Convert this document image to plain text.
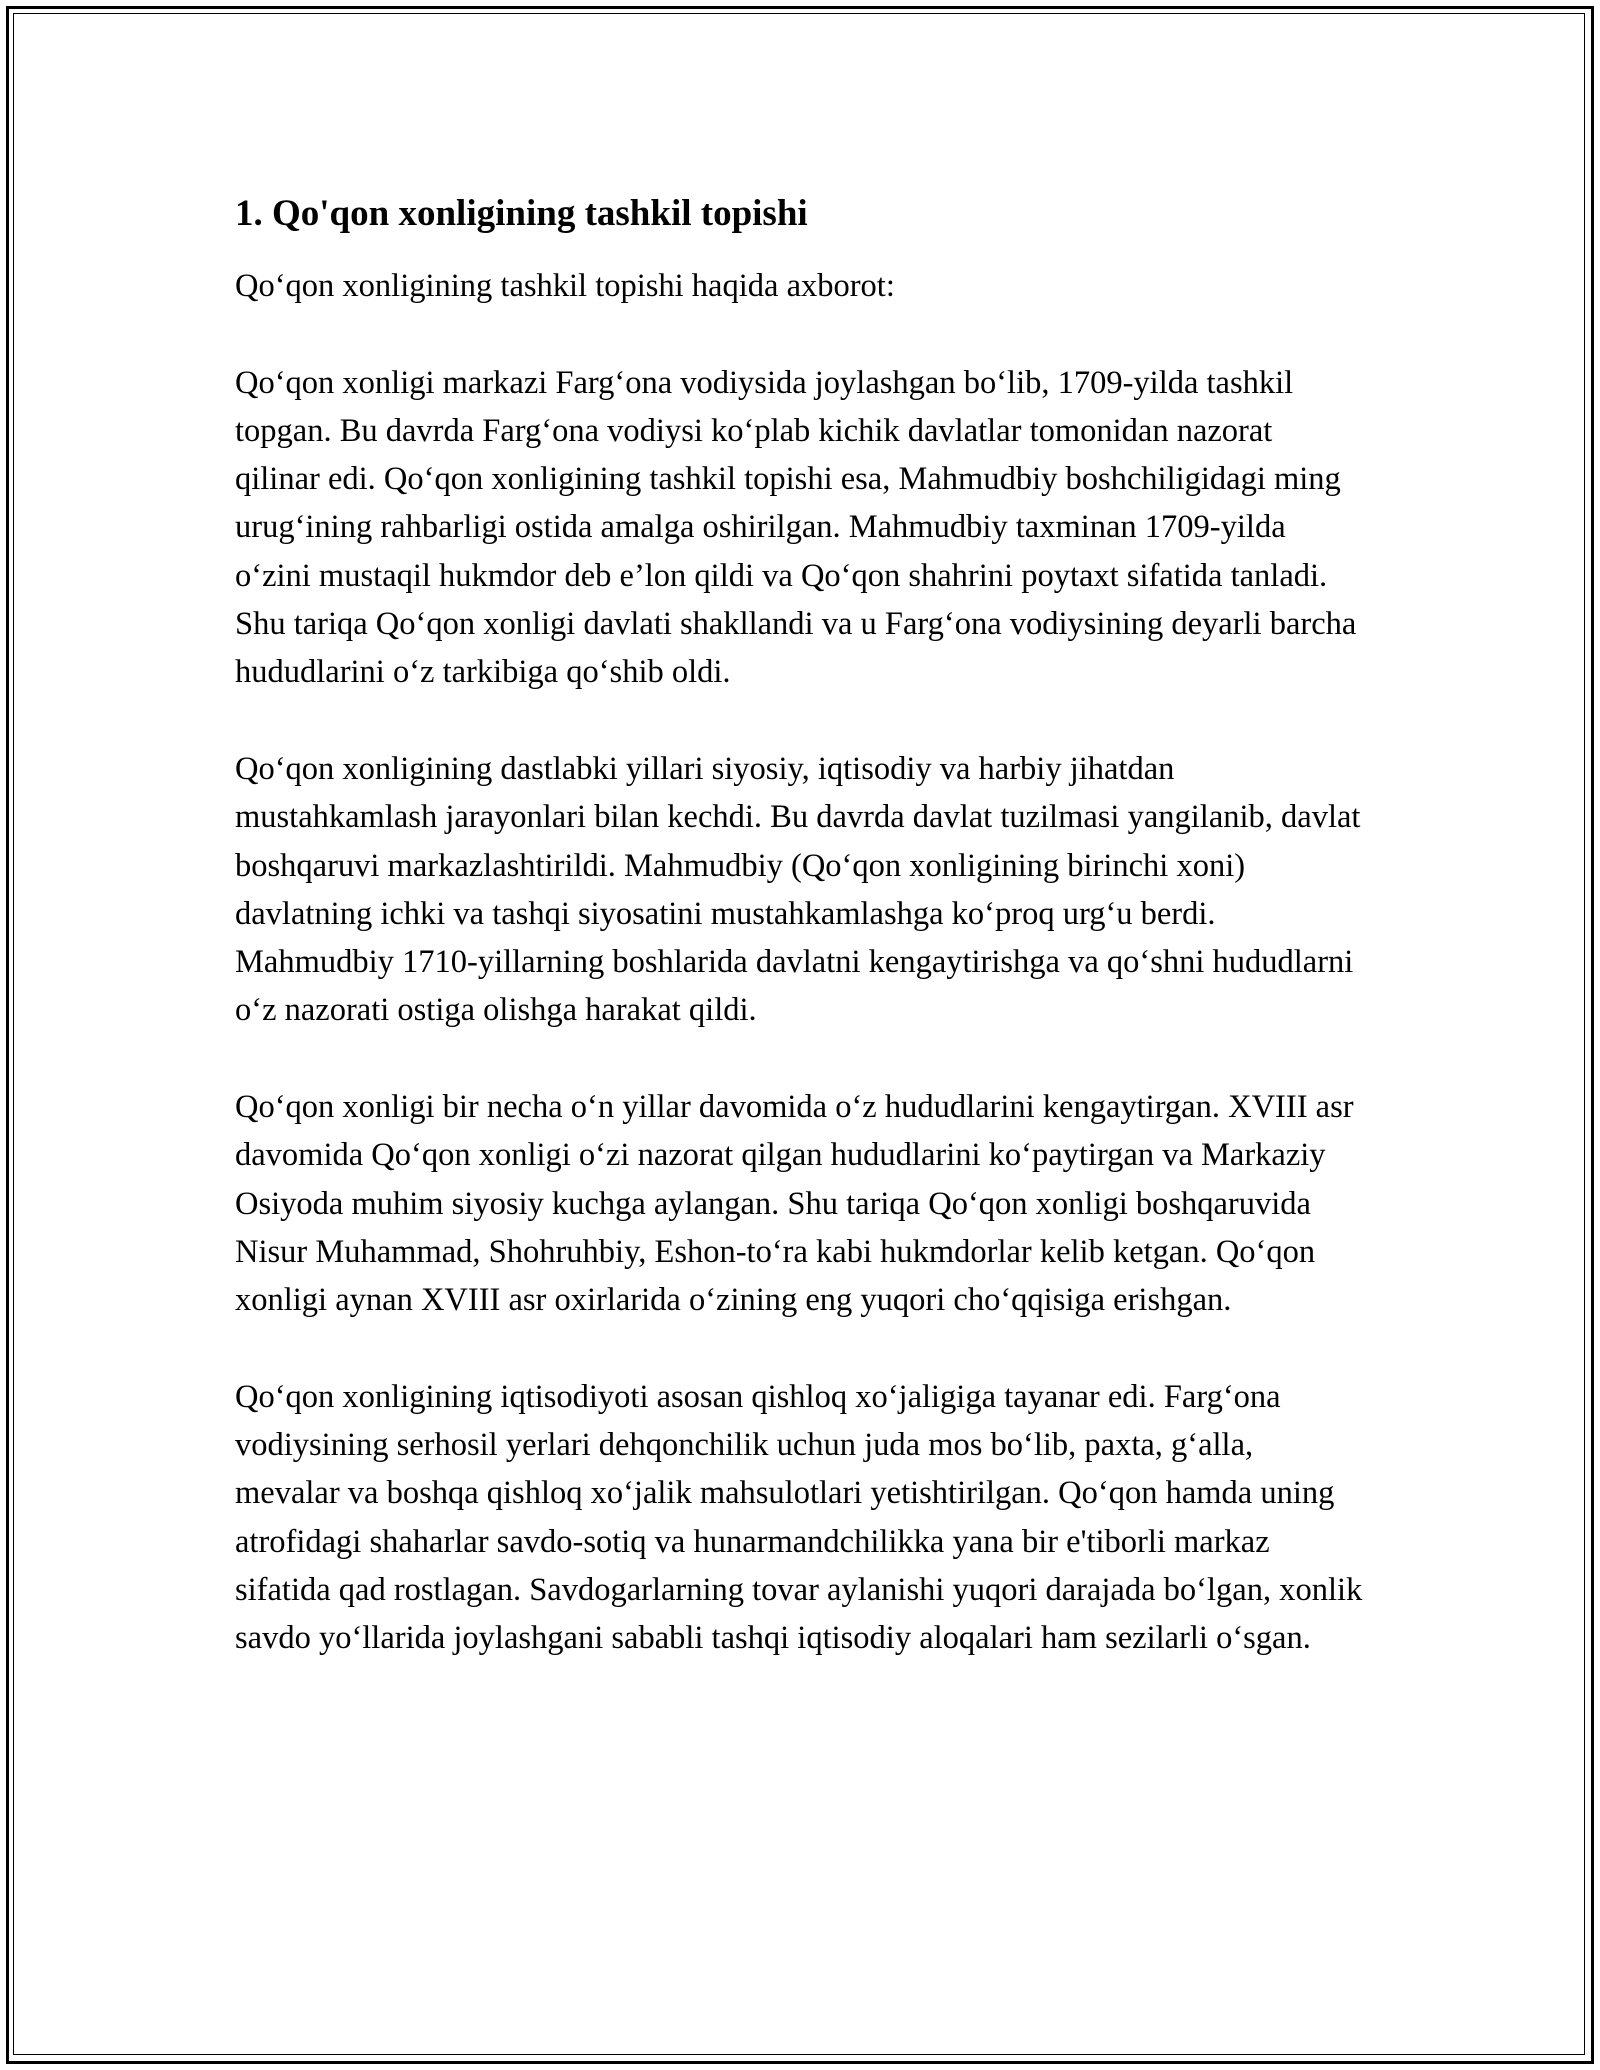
1. Qo'qon xonligining tashkil topishi

Qo‘qon xonligining tashkil topishi haqida axborot:

Qo‘qon xonligi markazi Farg‘ona vodiysida joylashgan bo‘lib, 1709-yilda tashkil topgan. Bu davrda Farg‘ona vodiysi ko‘plab kichik davlatlar tomonidan nazorat qilinar edi. Qo‘qon xonligining tashkil topishi esa, Mahmudbiy boshchiligidagi ming urug‘ining rahbarligi ostida amalga oshirilgan. Mahmudbiy taxminan 1709-yilda o‘zini mustaqil hukmdor deb e’lon qildi va Qo‘qon shahrini poytaxt sifatida tanladi. Shu tariqa Qo‘qon xonligi davlati shakllandi va u Farg‘ona vodiysining deyarli barcha hududlarini o‘z tarkibiga qo‘shib oldi.

Qo‘qon xonligining dastlabki yillari siyosiy, iqtisodiy va harbiy jihatdan mustahkamlash jarayonlari bilan kechdi. Bu davrda davlat tuzilmasi yangilanib, davlat boshqaruvi markazlashtirildi. Mahmudbiy (Qo‘qon xonligining birinchi xoni) davlatning ichki va tashqi siyosatini mustahkamlashga ko‘proq urg‘u berdi. Mahmudbiy 1710-yillarning boshlarida davlatni kengaytirishga va qo‘shni hududlarni o‘z nazorati ostiga olishga harakat qildi.

Qo‘qon xonligi bir necha o‘n yillar davomida o‘z hududlarini kengaytirgan. XVIII asr davomida Qo‘qon xonligi o‘zi nazorat qilgan hududlarini ko‘paytirgan va Markaziy Osiyoda muhim siyosiy kuchga aylangan. Shu tariqa Qo‘qon xonligi boshqaruvida Nisur Muhammad, Shohruhbiy, Eshon-to‘ra kabi hukmdorlar kelib ketgan. Qo‘qon xonligi aynan XVIII asr oxirlarida o‘zining eng yuqori cho‘qqisiga erishgan.

Qo‘qon xonligining iqtisodiyoti asosan qishloq xo‘jaligiga tayanar edi. Farg‘ona vodiysining serhosil yerlari dehqonchilik uchun juda mos bo‘lib, paxta, g‘alla, mevalar va boshqa qishloq xo‘jalik mahsulotlari yetishtirilgan. Qo‘qon hamda uning atrofidagi shaharlar savdo-sotiq va hunarmandchilikka yana bir e'tiborli markaz sifatida qad rostlagan. Savdogarlarning tovar aylanishi yuqori darajada bo‘lgan, xonlik savdo yo‘llarida joylashgani sababli tashqi iqtisodiy aloqalari ham sezilarli o‘sgan.
